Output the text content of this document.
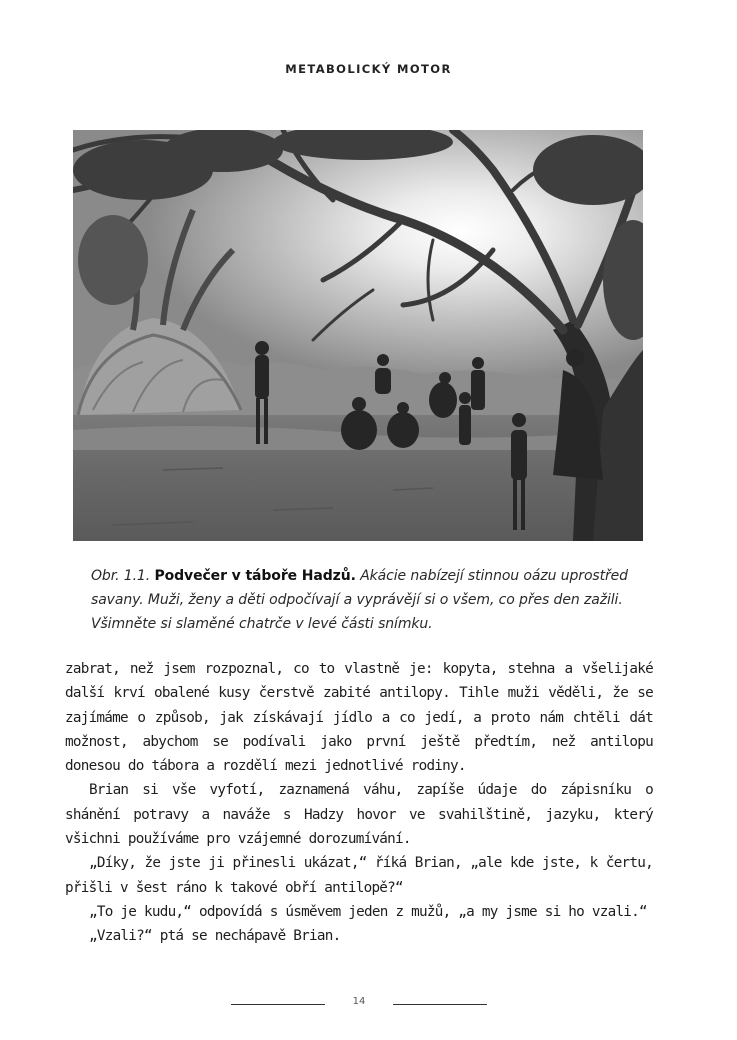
METABOLICKÝ MOTOR
Obr. 1.1. Podvečer v táboře Hadzů. Akácie nabízejí stinnou oázu uprostřed savany. Muži, ženy a děti odpočívají a vyprávějí si o všem, co přes den zažili. Všimněte si slaměné chatrče v levé části snímku.

zabrat, než jsem rozpoznal, co to vlastně je: kopyta, stehna a všelijaké další krví obalené kusy čerstvě zabité antilopy. Tihle muži věděli, že se zajímáme o způsob, jak získávají jídlo a co jedí, a proto nám chtěli dát možnost, abychom se podívali jako první ještě předtím, než antilopu donesou do tábora a rozdělí mezi jednotlivé rodiny.

Brian si vše vyfotí, zaznamená váhu, zapíše údaje do zápisníku o shánění potravy a naváže s Hadzy hovor ve svahilštině, jazyku, který všichni používáme pro vzájemné dorozumívání.

„Díky, že jste ji přinesli ukázat,“ říká Brian, „ale kde jste, k čertu, přišli v šest ráno k takové obří antilopě?“

„To je kudu,“ odpovídá s úsměvem jeden z mužů, „a my jsme si ho vzali.“

„Vzali?“ ptá se nechápavě Brian.

14
